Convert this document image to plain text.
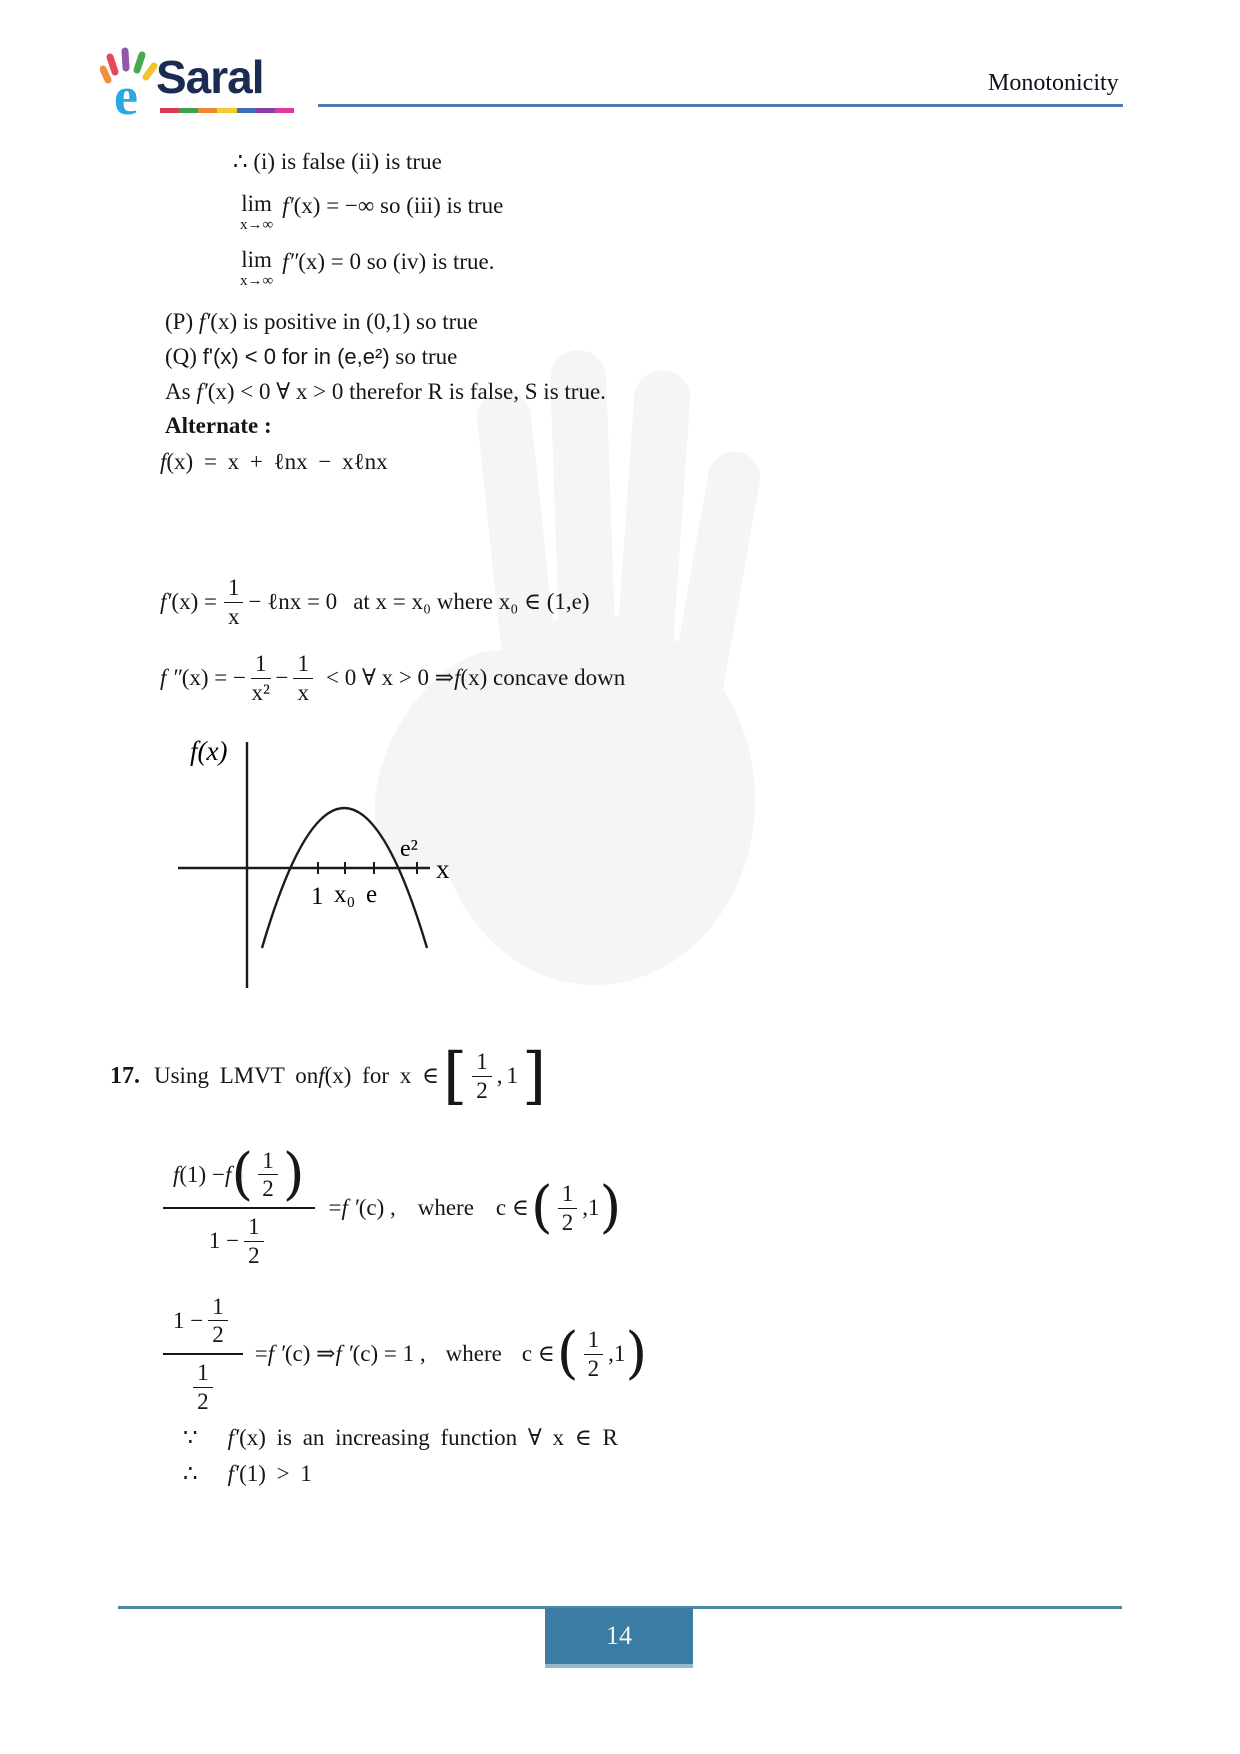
e Saral	Monotonicity
∴ (i) is false (ii) is true
lim
x→∞
f′(x) = −∞ so (iii) is true
lim
x→∞
f″(x) = 0 so (iv) is true.
(P) f′(x) is positive in (0,1) so true
(Q) f'(x) < 0 for in (e,e²) so true
As f′(x) < 0 ∀ x > 0 therefor R is false, S is true.
Alternate :
f(x) = x + ℓnx − xℓnx
f′ $(x) = \frac{1}{x}$ − ℓnx = 0 at x = x₀ where x₀ ∈ (1,e)
f ″ (x) = − $\frac{1}{\text{x²}} - \frac{1}{x} < 0$ ∀ x > 0 ⇒ f (x) concave down
f(x)
x
1 x₀ e
e²
17. Using LMVT on f (x) for x ∈ [ $\frac{1}{2}$ , 1 ]
f (1) − f ( $\frac{1}{2}$ )
$1 - \frac{1}{2}$
= f ′ (c) , where c ∈ ( $\frac{1}{2} ,1$ )
$\frac{1 - \frac{1}{2}}{\frac{1}{2}} = f$ ′ (c) ⇒ f ′ (c) = 1 , where c ∈ ( $\frac{1}{2} ,1$ )
∵ f′(x) is an increasing function ∀ x ∈ R
∴ f′(1) > 1
14
